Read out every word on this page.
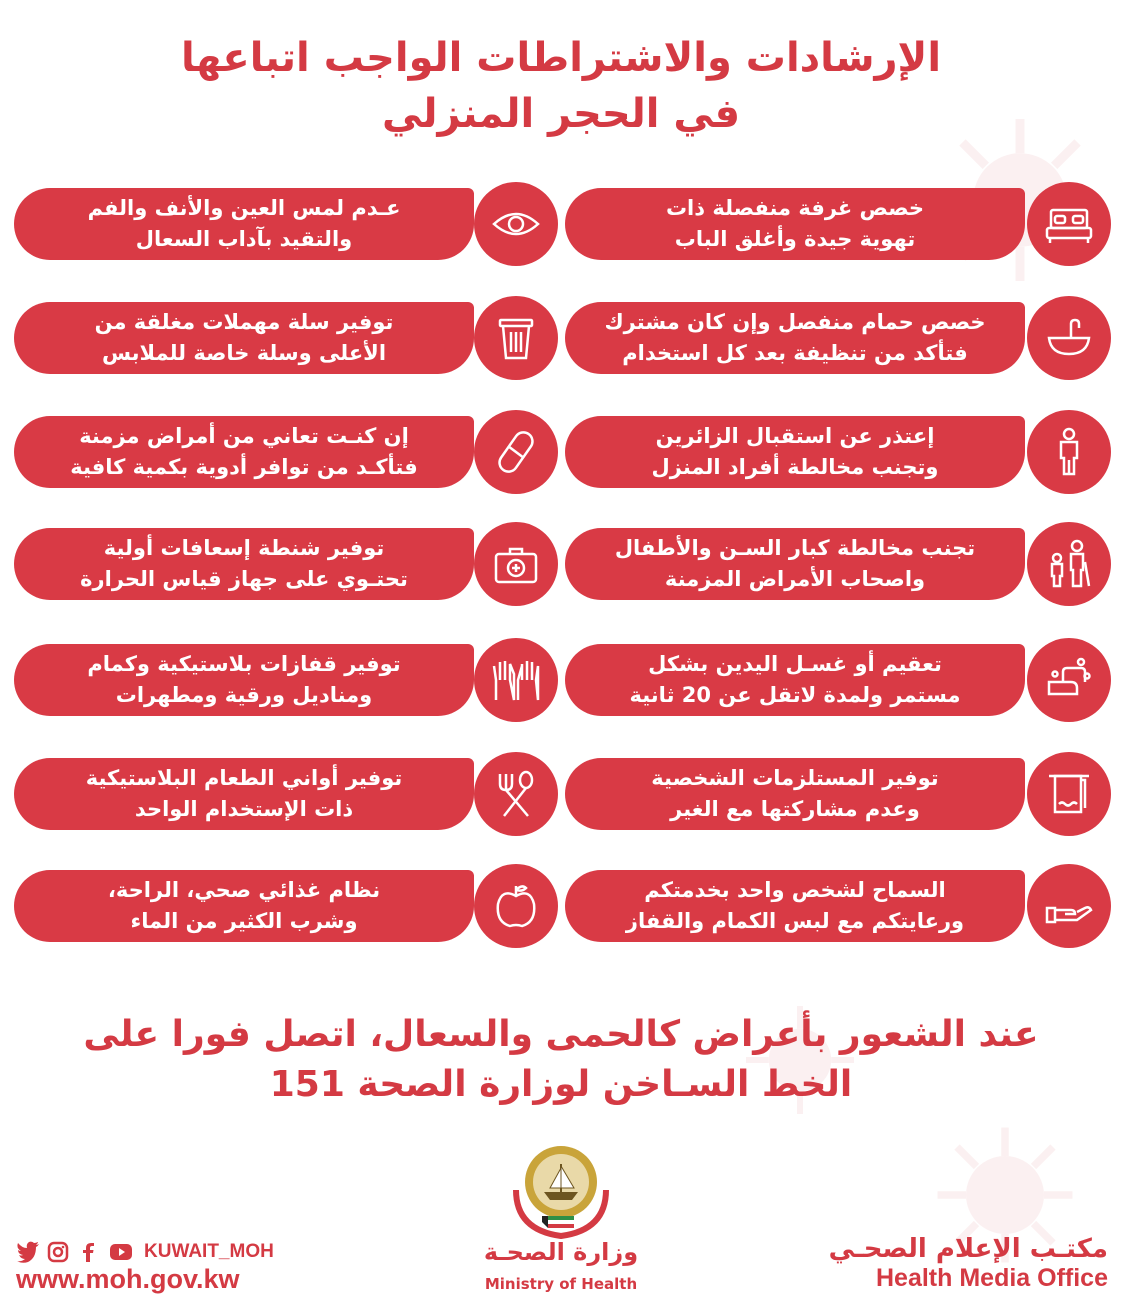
الإرشادات والاشتراطات الواجب اتباعها
في الحجر المنزلي
خصص غرفة منفصلة ذات
تهوية جيدة وأغلق الباب
عـدم لمس العين والأنف والفم
والتقيد بآداب السعال
خصص حمام منفصل وإن كان مشترك
فتأكد من تنظيفة بعد كل استخدام
توفير سلة مهملات مغلقة من
الأعلى وسلة خاصة للملابس
إعتذر عن استقبال الزائرين
وتجنب مخالطة أفراد المنزل
إن كنـت تعاني من أمراض مزمنة
فتأكـد من توافر أدوية بكمية كافية
تجنب مخالطة كبار السـن والأطفال
واصحاب الأمراض المزمنة
توفير شنطة إسعافات أولية
تحتـوي على جهاز قياس الحرارة
تعقيم أو غسـل اليدين بشكل
مستمر ولمدة لاتقل عن 20 ثانية
توفير قفازات بلاستيكية وكمام
ومناديل ورقية ومطهرات
توفير المستلزمات الشخصية
وعدم مشاركتها مع الغير
توفير أواني الطعام البلاستيكية
ذات الإستخدام الواحد
السماح لشخص واحد بخدمتكم
ورعايتكم مع لبس الكمام والقفاز
نظام غذائي صحي، الراحة،
وشرب الكثير من الماء
عند الشعور بأعراض كالحمى والسعال، اتصل فورا على
الخط السـاخن لوزارة الصحة 151
وزارة الصحـة
Ministry of Health
مكتـب الإعلام الصحـي
Health Media Office
KUWAIT_MOH
www.moh.gov.kw
